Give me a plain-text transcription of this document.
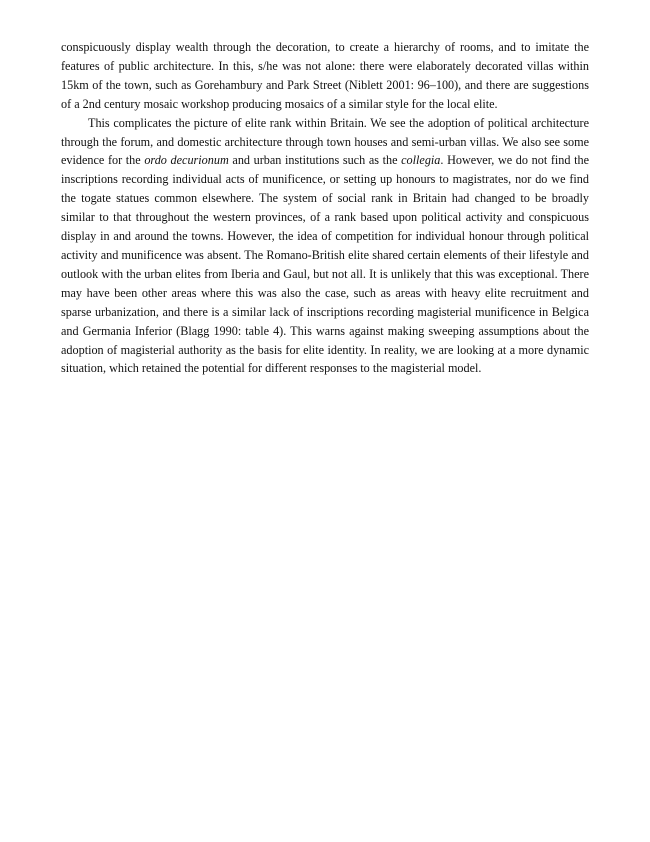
conspicuously display wealth through the decoration, to create a hierarchy of rooms, and to imitate the features of public architecture. In this, s/he was not alone: there were elaborately decorated villas within 15km of the town, such as Gorehambury and Park Street (Niblett 2001: 96–100), and there are suggestions of a 2nd century mosaic workshop producing mosaics of a similar style for the local elite.

This complicates the picture of elite rank within Britain. We see the adoption of political architecture through the forum, and domestic architecture through town houses and semi-urban villas. We also see some evidence for the ordo decurionum and urban institutions such as the collegia. However, we do not find the inscriptions recording individual acts of munificence, or setting up honours to magistrates, nor do we find the togate statues common elsewhere. The system of social rank in Britain had changed to be broadly similar to that throughout the western provinces, of a rank based upon political activity and conspicuous display in and around the towns. However, the idea of competition for individual honour through political activity and munificence was absent. The Romano-British elite shared certain elements of their lifestyle and outlook with the urban elites from Iberia and Gaul, but not all. It is unlikely that this was exceptional. There may have been other areas where this was also the case, such as areas with heavy elite recruitment and sparse urbanization, and there is a similar lack of inscriptions recording magisterial munificence in Belgica and Germania Inferior (Blagg 1990: table 4). This warns against making sweeping assumptions about the adoption of magisterial authority as the basis for elite identity. In reality, we are looking at a more dynamic situation, which retained the potential for different responses to the magisterial model.
